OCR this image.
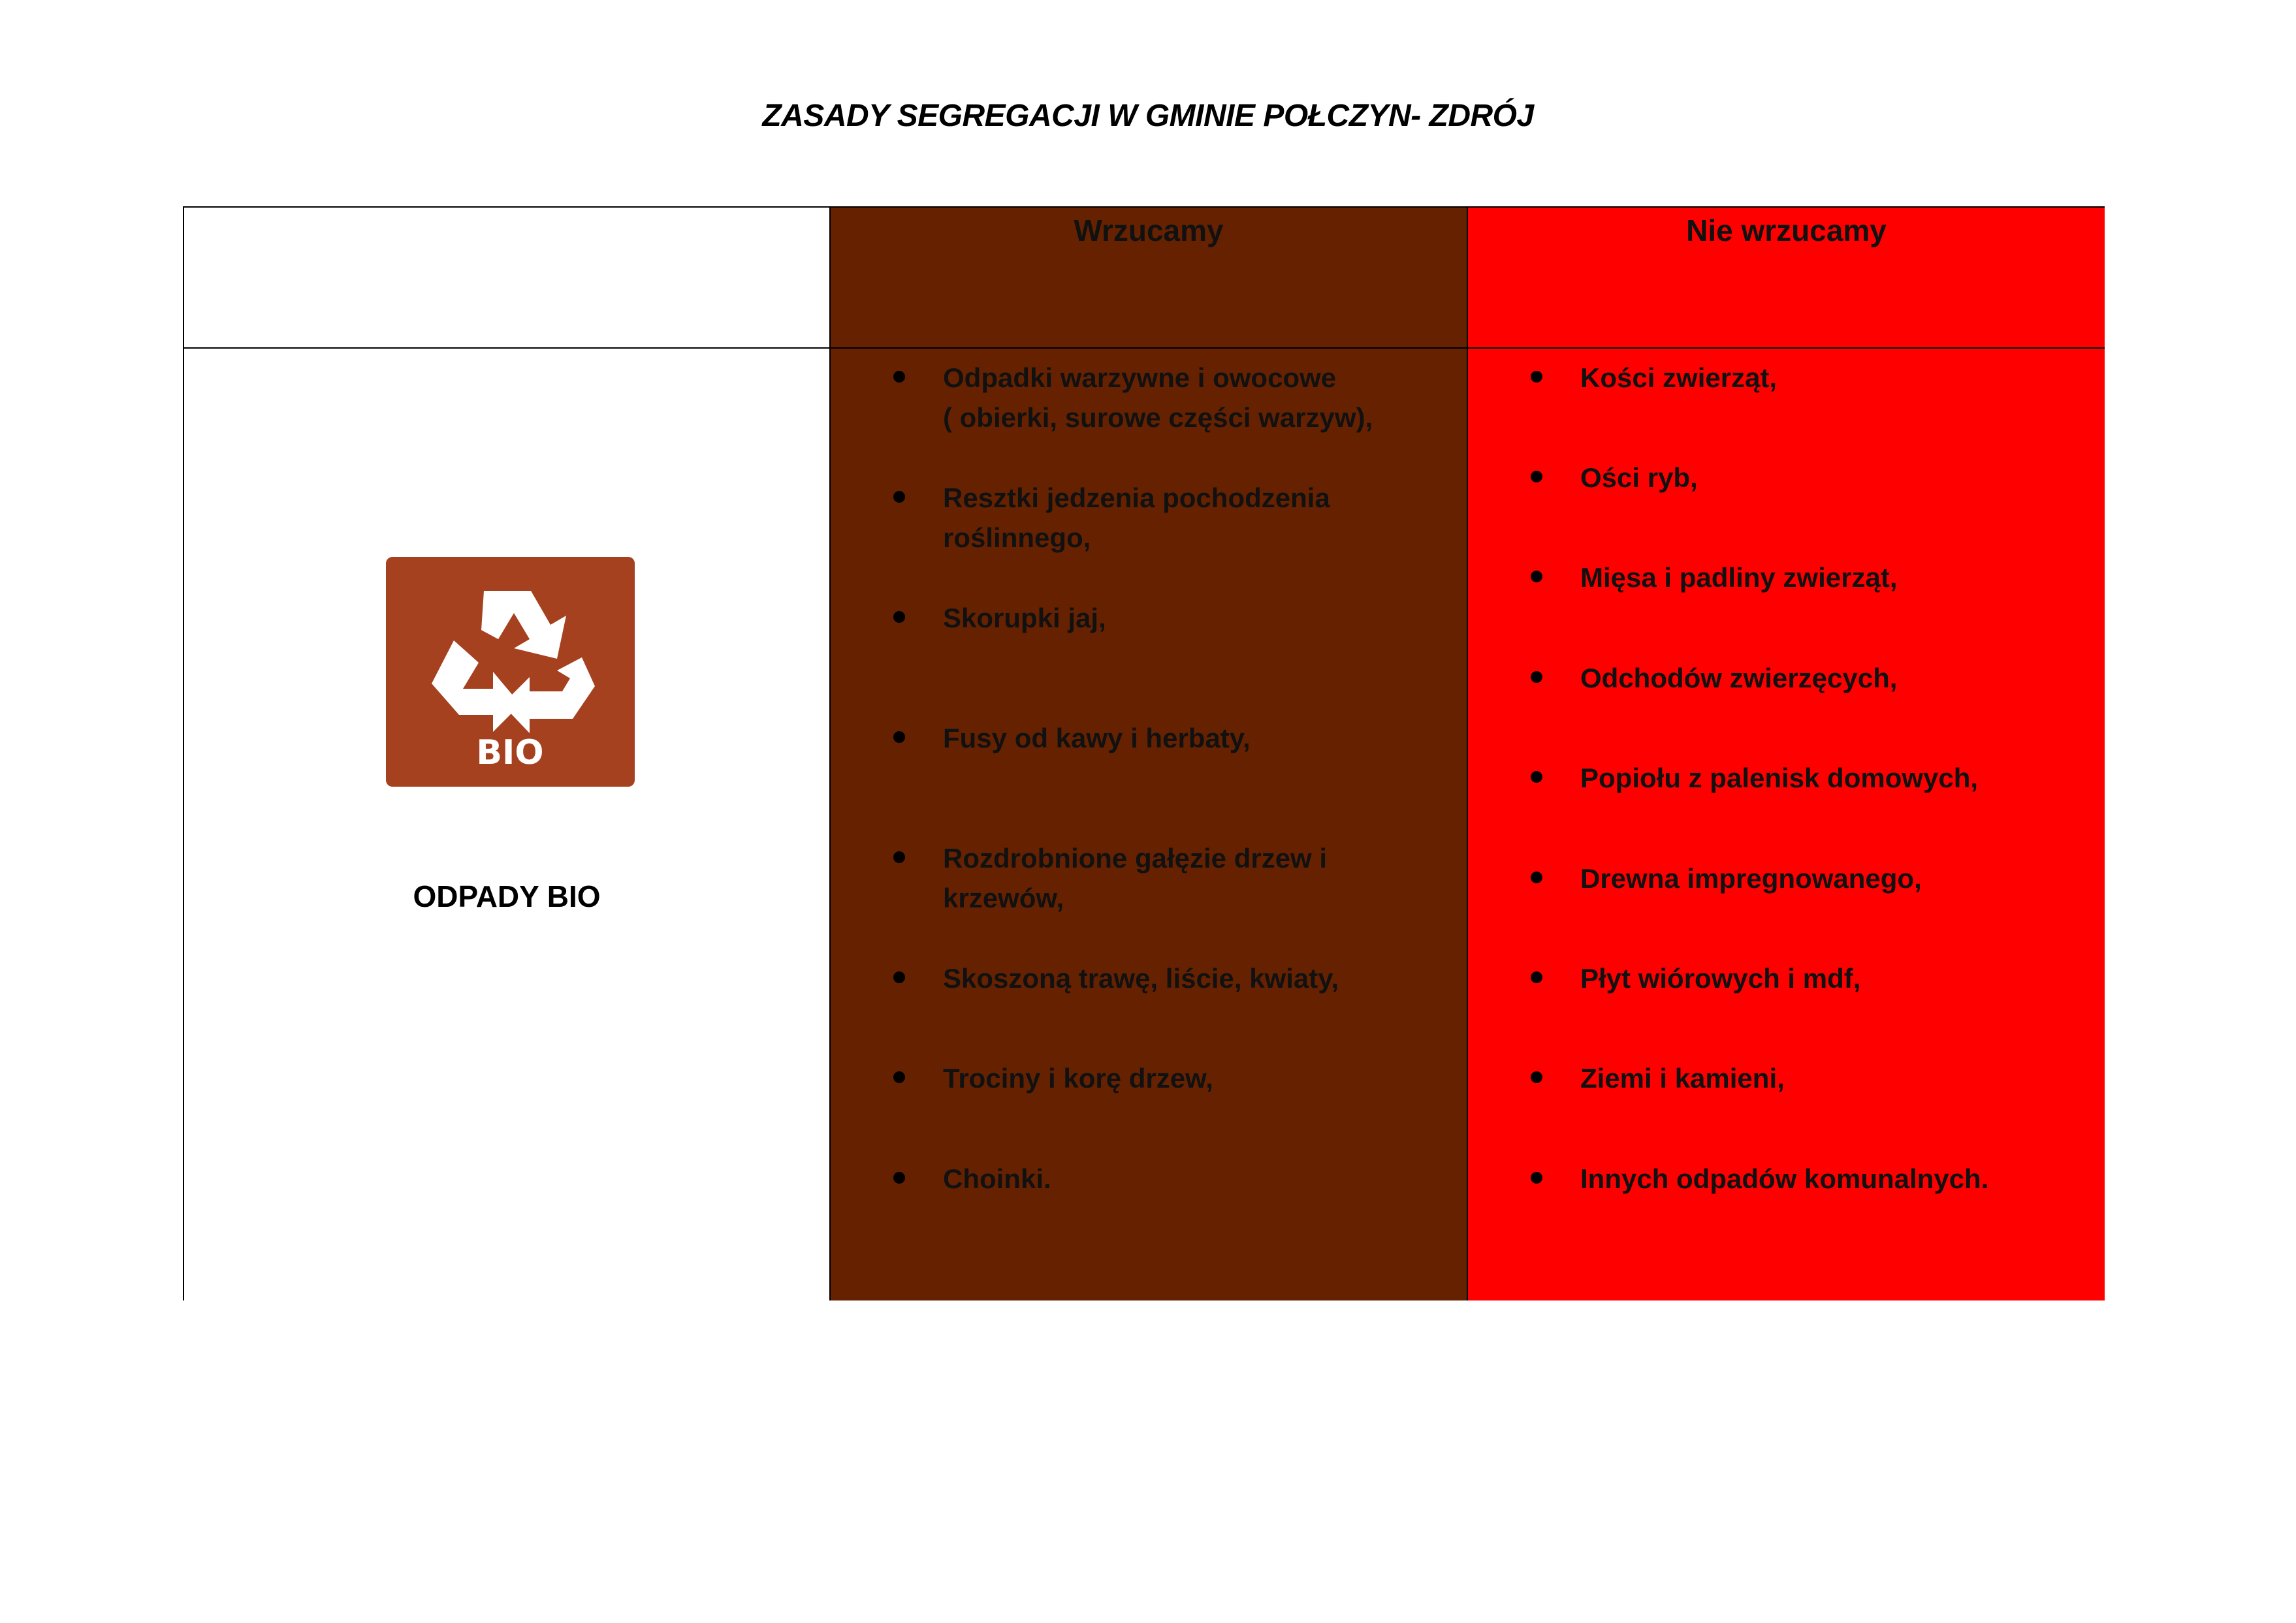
ZASADY SEGREGACJI W GMINIE POŁCZYN- ZDRÓJ
Wrzucamy	Nie wrzucamy
BIO
ODPADY BIO
Odpadki warzywne i owocowe
( obierki, surowe części warzyw),
Resztki jedzenia pochodzenia
roślinnego,
Skorupki jaj,
Fusy od kawy i herbaty,
Rozdrobnione gałęzie drzew i
krzewów,
Skoszoną trawę, liście, kwiaty,
Trociny i korę drzew,
Choinki.
Kości zwierząt,
Ości ryb,
Mięsa i padliny zwierząt,
Odchodów zwierzęcych,
Popiołu z palenisk domowych,
Drewna impregnowanego,
Płyt wiórowych i mdf,
Ziemi i kamieni,
Innych odpadów komunalnych.
